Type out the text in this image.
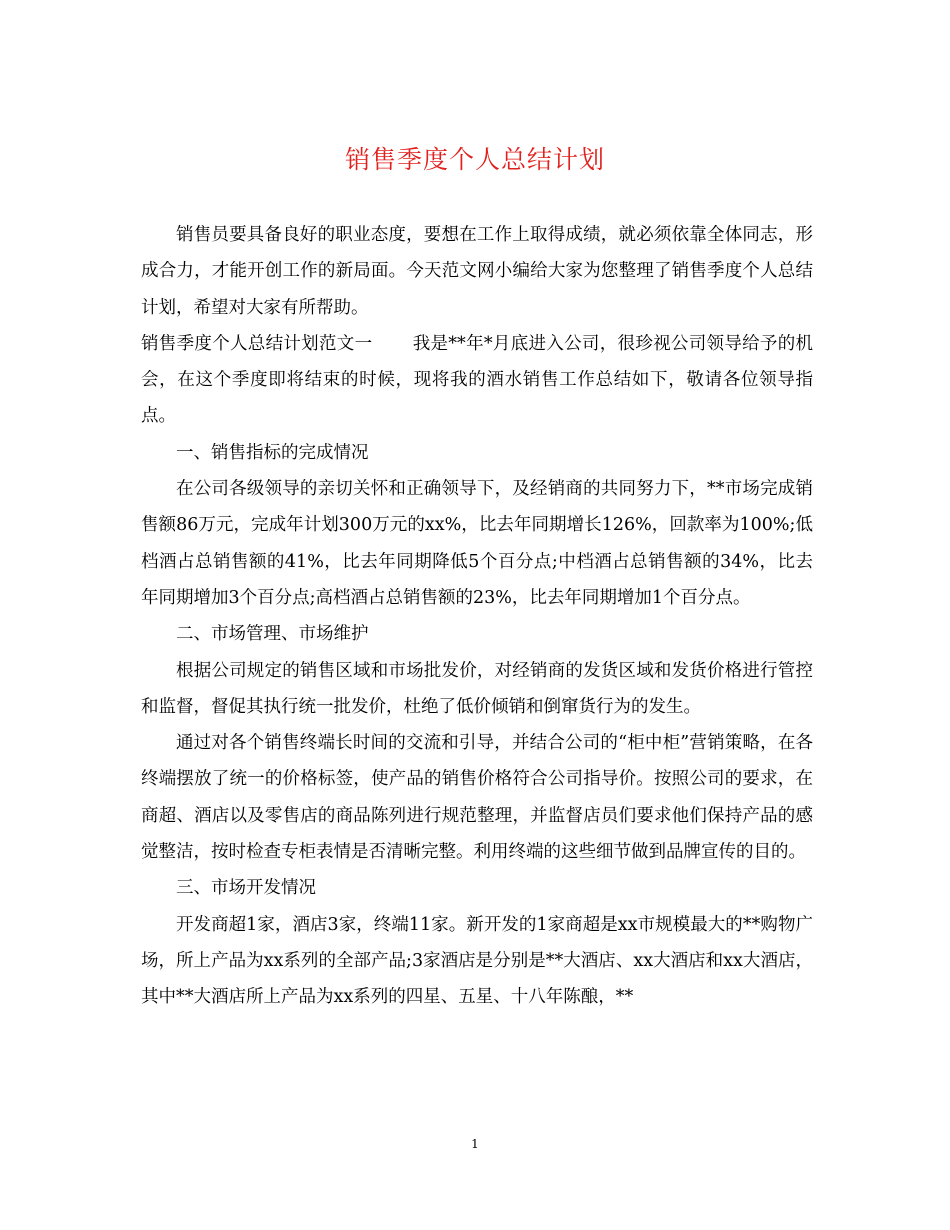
销售季度个人总结计划

销售员要具备良好的职业态度，要想在工作上取得成绩，就必须依靠全体同志，形成合力，才能开创工作的新局面。今天范文网小编给大家为您整理了销售季度个人总结计划，希望对大家有所帮助。

销售季度个人总结计划范文一 我是**年*月底进入公司，很珍视公司领导给予的机会，在这个季度即将结束的时候，现将我的酒水销售工作总结如下，敬请各位领导指点。

一、销售指标的完成情况

在公司各级领导的亲切关怀和正确领导下，及经销商的共同努力下，**市场完成销售额86万元，完成年计划300万元的xx%，比去年同期增长126%，回款率为100%;低档酒占总销售额的41%，比去年同期降低5个百分点;中档酒占总销售额的34%，比去年同期增加3个百分点;高档酒占总销售额的23%，比去年同期增加1个百分点。

二、市场管理、市场维护

根据公司规定的销售区域和市场批发价，对经销商的发货区域和发货价格进行管控和监督，督促其执行统一批发价，杜绝了低价倾销和倒窜货行为的发生。

通过对各个销售终端长时间的交流和引导，并结合公司的“柜中柜”营销策略，在各终端摆放了统一的价格标签，使产品的销售价格符合公司指导价。按照公司的要求，在商超、酒店以及零售店的商品陈列进行规范整理，并监督店员们要求他们保持产品的感觉整洁，按时检查专柜表情是否清晰完整。利用终端的这些细节做到品牌宣传的目的。

三、市场开发情况

开发商超1家，酒店3家，终端11家。新开发的1家商超是xx市规模最大的**购物广场，所上产品为xx系列的全部产品;3家酒店是分别是**大酒店、xx大酒店和xx大酒店，其中**大酒店所上产品为xx系列的四星、五星、十八年陈酿，**

1
